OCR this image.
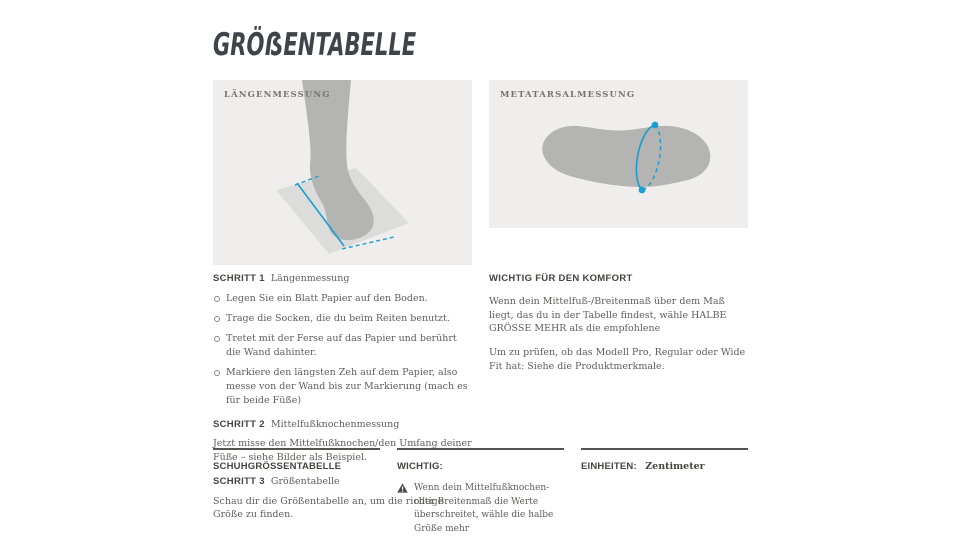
GRÖẞENTABELLE
LÄNGENMESSUNG	METATARSALMESSUNG

SCHRITT 1 Längenmessung

Legen Sie ein Blatt Papier auf den Boden.
Trage die Socken, die du beim Reiten benutzt.
Tretet mit der Ferse auf das Papier und berührt die Wand dahinter.
Markiere den längsten Zeh auf dem Papier, also messe von der Wand bis zur Markierung (mach es für beide Füße)

SCHRITT 2 Mittelfußknochenmessung

Jetzt misse den Mittelfußknochen/den Umfang deiner Füße – siehe Bilder als Beispiel.

SCHRITT 3 Größentabelle

Schau dir die Größentabelle an, um die richtige Größe zu finden.

WICHTIG FÜR DEN KOMFORT

Wenn dein Mittelfuß-/Breitenmaß über dem Maß liegt, das du in der Tabelle findest, wähle HALBE GRÖSSE MEHR als die empfohlene

Um zu prüfen, ob das Modell Pro, Regular oder Wide Fit hat: Siehe die Produktmerkmale.

SCHUHGRÖSSENTABELLE	WICHTIG:
Wenn dein Mittelfußknochen- oder Breitenmaß die Werte überschreitet, wähle die halbe Größe mehr
EINHEITEN: Zentimeter
